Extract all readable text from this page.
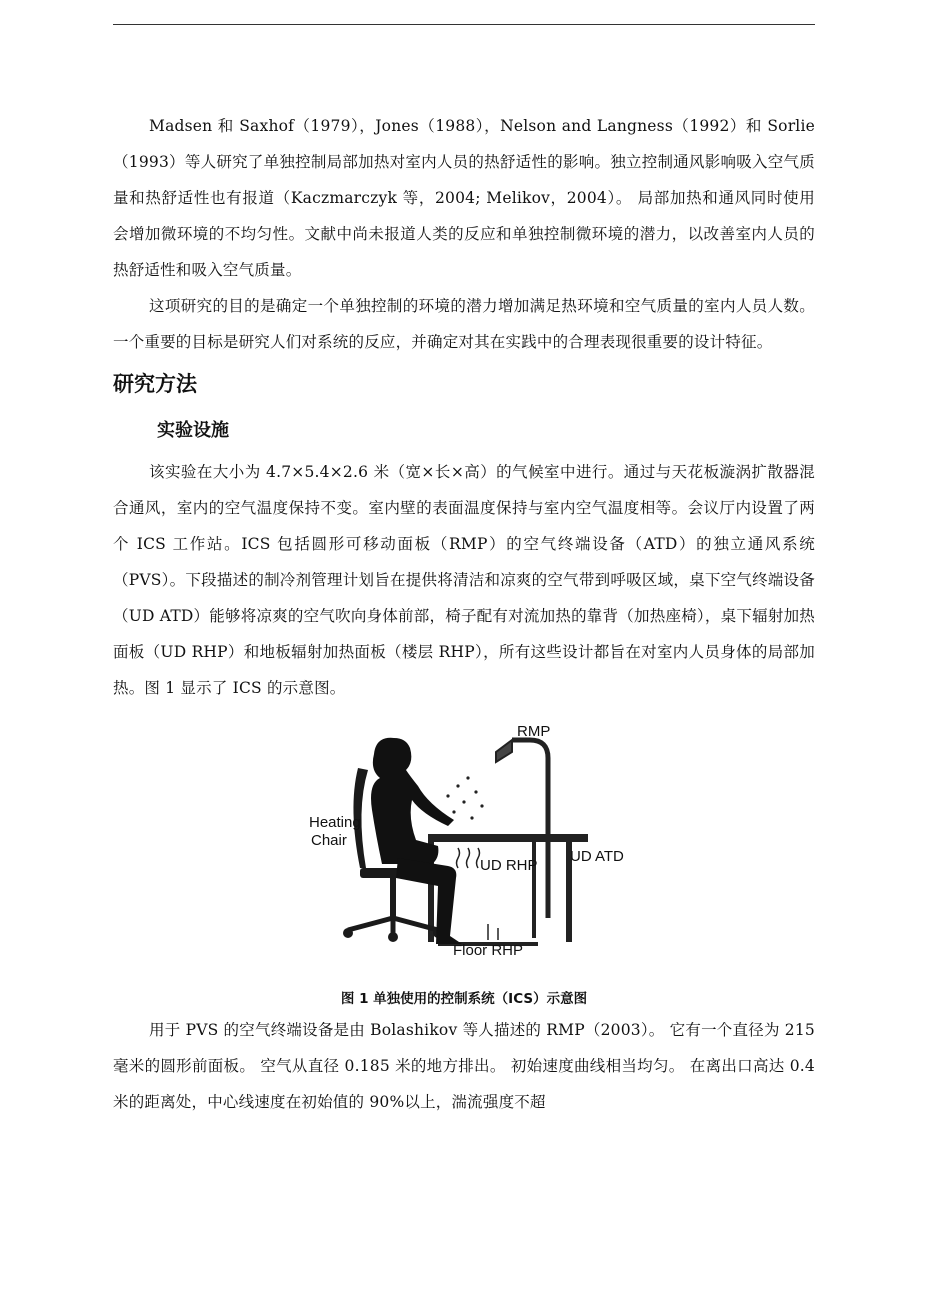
Madsen 和 Saxhof（1979），Jones（1988），Nelson and Langness（1992）和 Sorlie（1993）等人研究了单独控制局部加热对室内人员的热舒适性的影响。独立控制通风影响吸入空气质量和热舒适性也有报道（Kaczmarczyk 等，2004; Melikov，2004）。 局部加热和通风同时使用会增加微环境的不均匀性。文献中尚未报道人类的反应和单独控制微环境的潜力，以改善室内人员的热舒适性和吸入空气质量。

这项研究的目的是确定一个单独控制的环境的潜力增加满足热环境和空气质量的室内人员人数。一个重要的目标是研究人们对系统的反应，并确定对其在实践中的合理表现很重要的设计特征。

研究方法
实验设施

该实验在大小为 4.7×5.4×2.6 米（宽×长×高）的气候室中进行。通过与天花板漩涡扩散器混合通风，室内的空气温度保持不变。室内壁的表面温度保持与室内空气温度相等。会议厅内设置了两个 ICS 工作站。ICS 包括圆形可移动面板（RMP）的空气终端设备（ATD）的独立通风系统（PVS）。下段描述的制冷剂管理计划旨在提供将清洁和凉爽的空气带到呼吸区域，桌下空气终端设备（UD ATD）能够将凉爽的空气吹向身体前部，椅子配有对流加热的靠背（加热座椅），桌下辐射加热面板（UD RHP）和地板辐射加热面板（楼层 RHP），所有这些设计都旨在对室内人员身体的局部加热。图 1 显示了 ICS 的示意图。

RMP
Heating
Chair
UD ATD
UD RHP
Floor RHP

图 1 单独使用的控制系统（ICS）示意图

用于 PVS 的空气终端设备是由 Bolashikov 等人描述的 RMP（2003）。 它有一个直径为 215 毫米的圆形前面板。 空气从直径 0.185 米的地方排出。 初始速度曲线相当均匀。 在离出口高达 0.4 米的距离处，中心线速度在初始值的 90%以上，湍流强度不超
